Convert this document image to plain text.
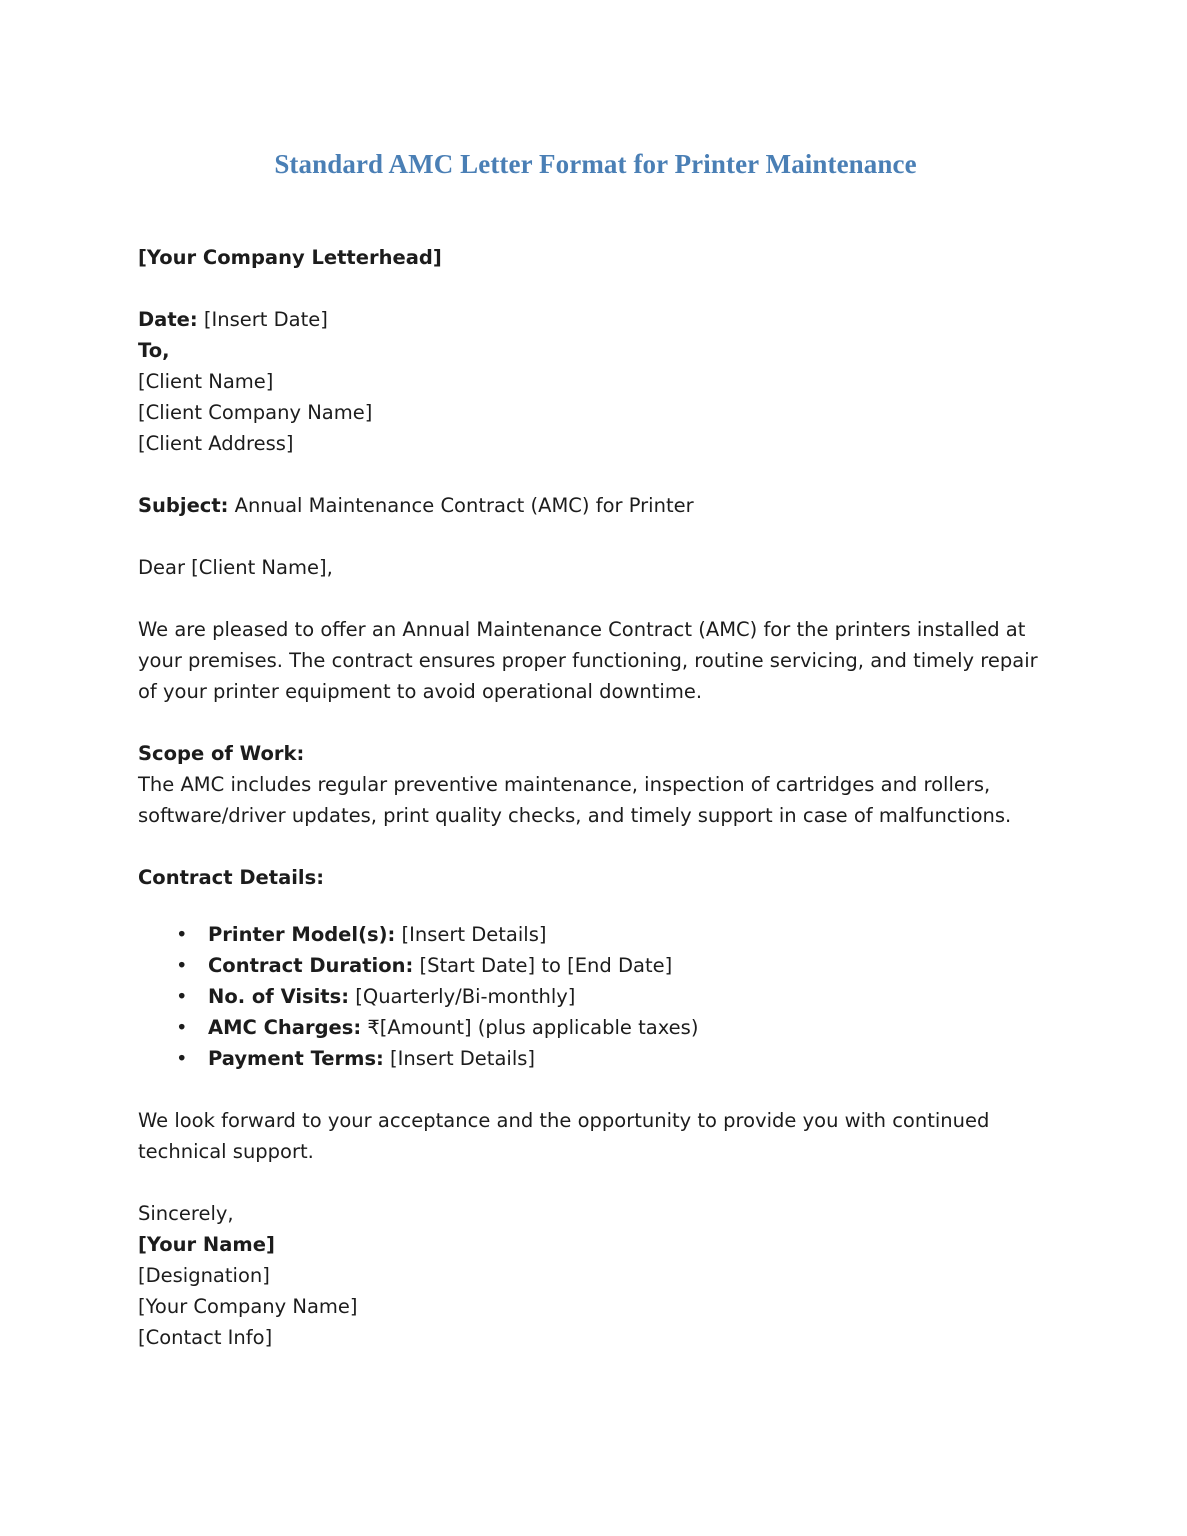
Standard AMC Letter Format for Printer Maintenance

[Your Company Letterhead]

Date: [Insert Date]

To,

[Client Name]

[Client Company Name]

[Client Address]

Subject: Annual Maintenance Contract (AMC) for Printer

Dear [Client Name],

We are pleased to offer an Annual Maintenance Contract (AMC) for the printers installed at your premises. The contract ensures proper functioning, routine servicing, and timely repair of your printer equipment to avoid operational downtime.

Scope of Work:

The AMC includes regular preventive maintenance, inspection of cartridges and rollers, software/driver updates, print quality checks, and timely support in case of malfunctions.

Contract Details:

• Printer Model(s): [Insert Details]
• Contract Duration: [Start Date] to [End Date]
• No. of Visits: [Quarterly/Bi-monthly]
• AMC Charges: ₹[Amount] (plus applicable taxes)
• Payment Terms: [Insert Details]

We look forward to your acceptance and the opportunity to provide you with continued technical support.

Sincerely,

[Your Name]

[Designation]

[Your Company Name]

[Contact Info]
